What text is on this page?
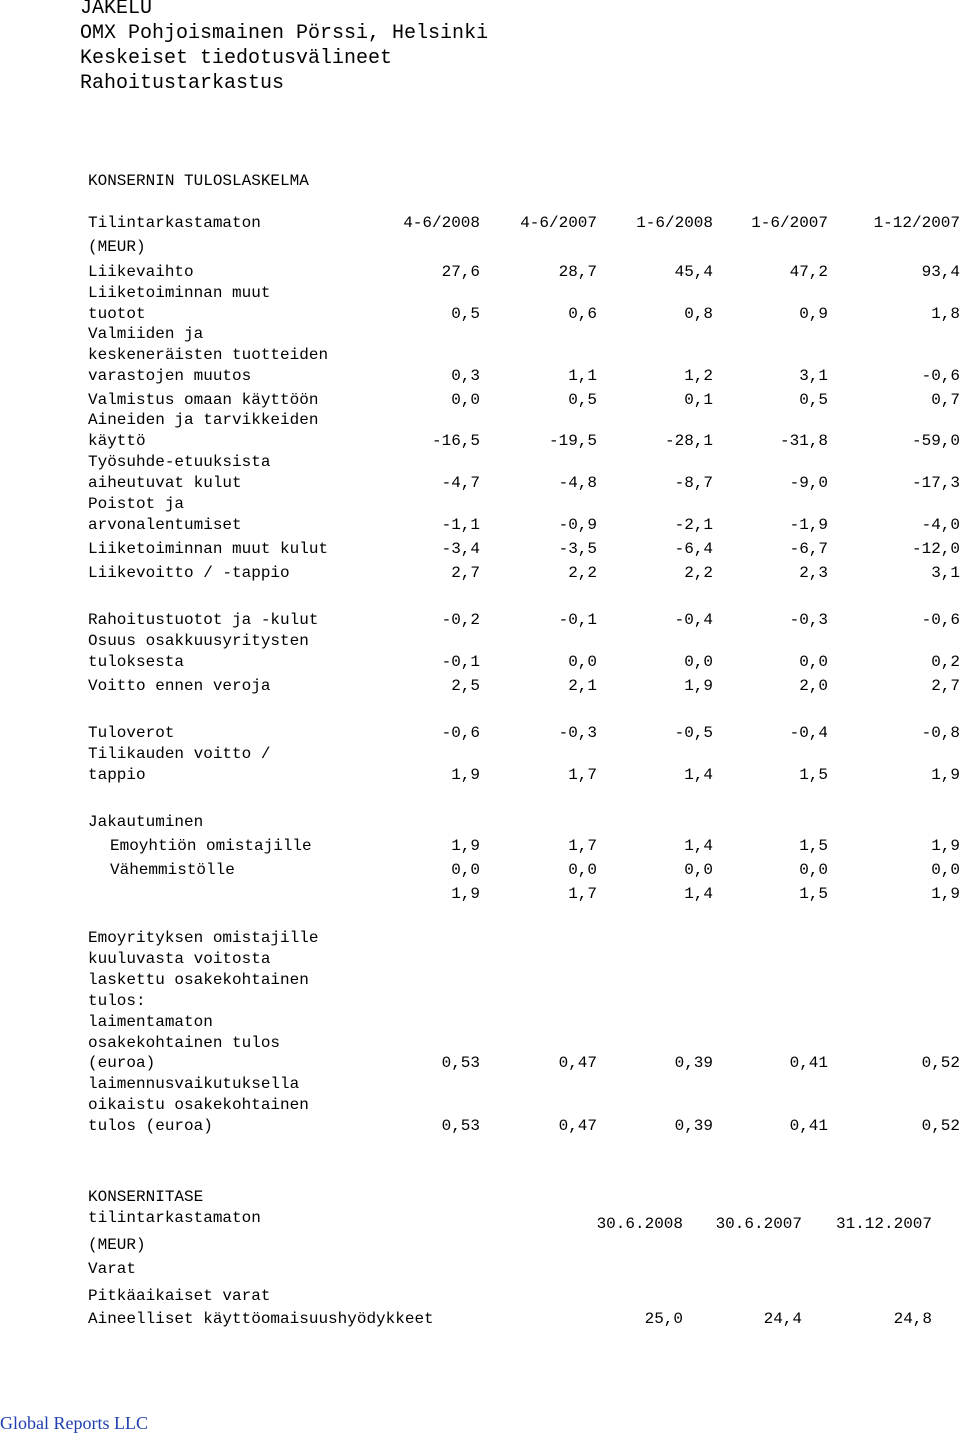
JAKELU
OMX Pohjoismainen Pörssi, Helsinki
Keskeiset tiedotusvälineet
Rahoitustarkastus
KONSERNIN TULOSLASKELMA
Tilintarkastamaton
(MEUR)
4-6/2008	4-6/2007 1-6/2008 1-6/2007	1-12/2007
Liikevaihto	27,6	28,7	45,4	47,2	93,4
Liiketoiminnan muut
tuotot	0,5	0,6	0,8	0,9	1,8
Valmiiden ja
keskeneräisten tuotteiden
varastojen muutos	0,3	1,1	1,2	3,1	-0,6
Valmistus omaan käyttöön	0,0	0,5	0,1	0,5	0,7
Aineiden ja tarvikkeiden
käyttö	-16,5	-19,5	-28,1	-31,8	-59,0
Työsuhde-etuuksista
aiheutuvat kulut	-4,7	-4,8	-8,7	-9,0	-17,3
Poistot ja
arvonalentumiset	-1,1	-0,9	-2,1	-1,9	-4,0
Liiketoiminnan muut kulut	-3,4	-3,5	-6,4	-6,7	-12,0
Liikevoitto / -tappio	2,7	2,2	2,2	2,3	3,1
Rahoitustuotot ja -kulut	-0,2	-0,1	-0,4	-0,3	-0,6
Osuus osakkuusyritysten
tuloksesta	-0,1	0,0	0,0	0,0	0,2
Voitto ennen veroja	2,5	2,1	1,9	2,0	2,7
Tuloverot	-0,6	-0,3	-0,5	-0,4	-0,8
Tilikauden voitto /
tappio	1,9	1,7	1,4	1,5	1,9
Jakautuminen
Emoyhtiön omistajille	1,9	1,7	1,4	1,5	1,9
Vähemmistölle	0,0	0,0	0,0	0,0	0,0
1,9	1,7	1,4	1,5	1,9
Emoyrityksen omistajille
kuuluvasta voitosta
laskettu osakekohtainen
tulos:
laimentamaton
osakekohtainen tulos
(euroa)	0,53	0,47	0,39	0,41	0,52
laimennusvaikutuksella
oikaistu osakekohtainen
tulos (euroa)	0,53	0,47	0,39	0,41	0,52
KONSERNITASE
tilintarkastamaton	30.6.2008 30.6.2007 31.12.2007
(MEUR)
Varat
Pitkäaikaiset varat
Aineelliset käyttöomaisuushyödykkeet	25,0	24,4	24,8
Global Reports LLC
